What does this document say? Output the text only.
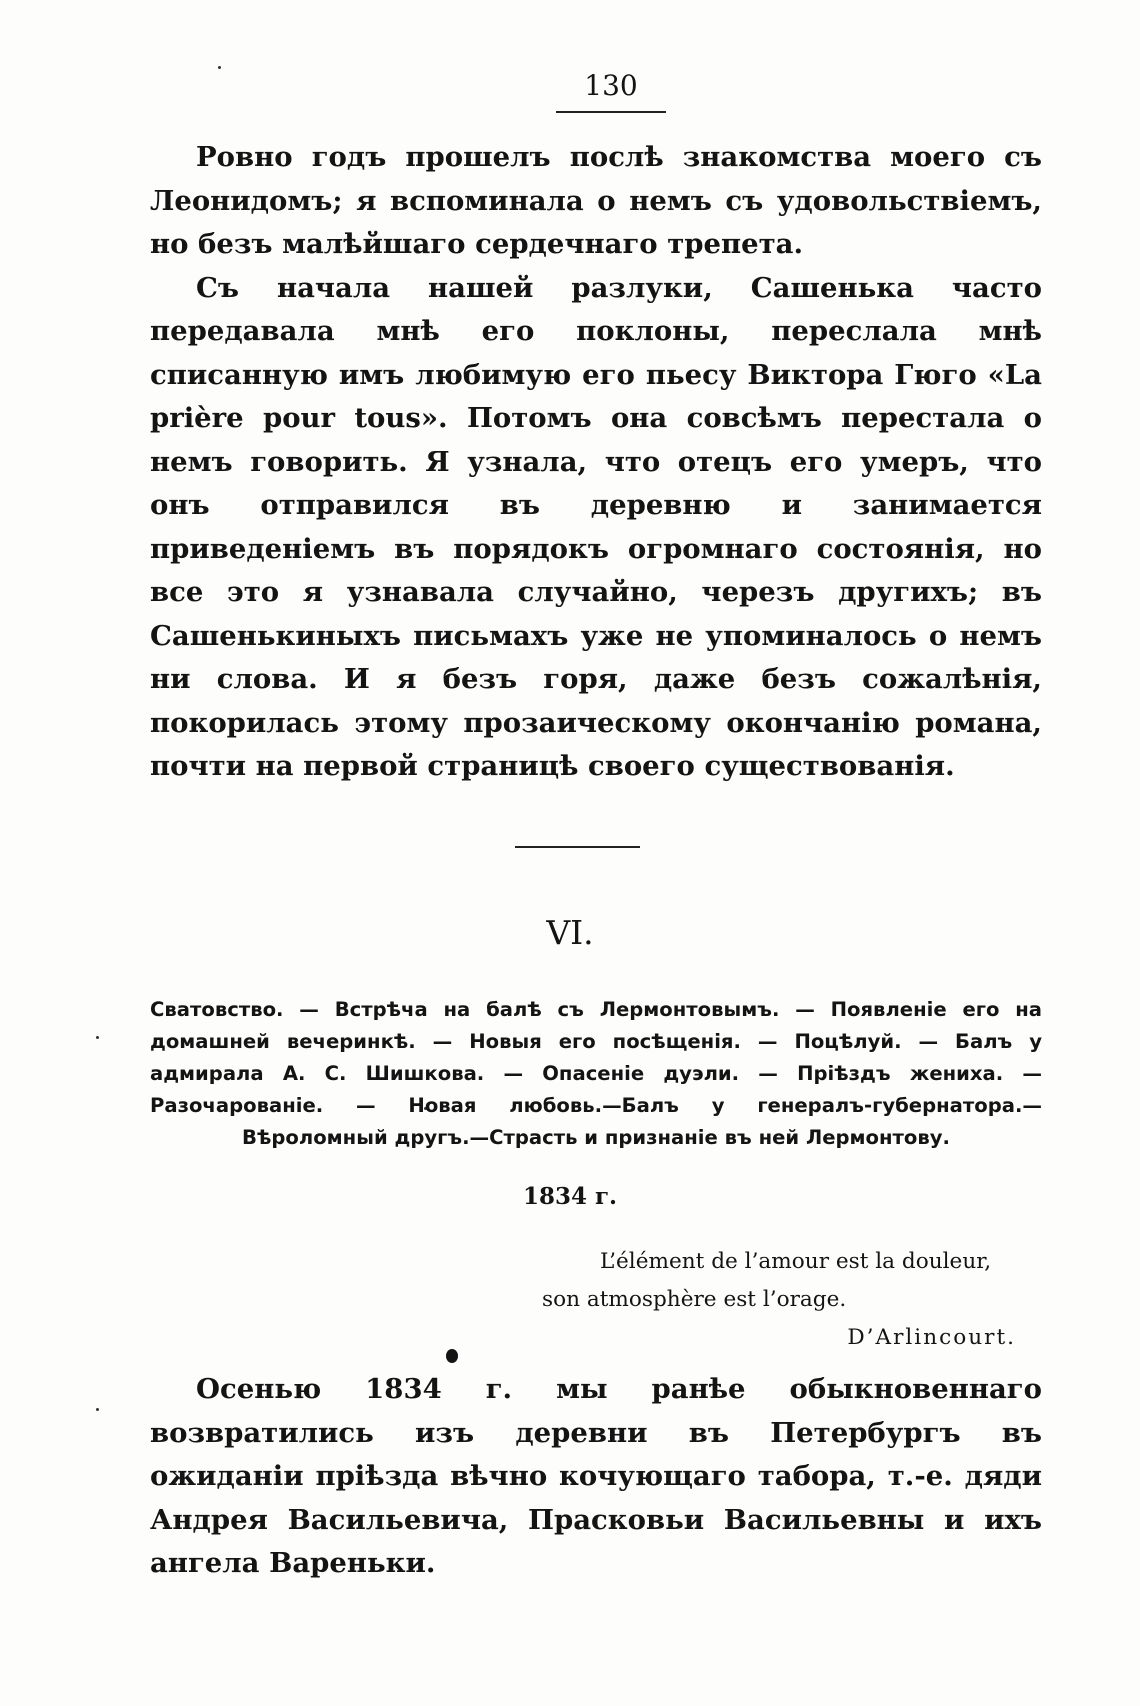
130

Ровно годъ прошелъ послѣ знакомства моего съ Леонидомъ; я вспоминала о немъ съ удовольствіемъ, но безъ малѣйшаго сердечнаго трепета.

Съ начала нашей разлуки, Сашенька часто передавала мнѣ его поклоны, переслала мнѣ списанную имъ любимую его пьесу Виктора Гюго «La prière pour tous». Потомъ она совсѣмъ перестала о немъ говорить. Я узнала, что отецъ его умеръ, что онъ отправился въ деревню и занимается приведеніемъ въ порядокъ огромнаго состоянія, но все это я узнавала случайно, черезъ другихъ; въ Сашенькиныхъ письмахъ уже не упоминалось о немъ ни слова. И я безъ горя, даже безъ сожалѣнія, покорилась этому прозаическому окончанію романа, почти на первой страницѣ своего существованія.

VI.

Сватовство. — Встрѣча на балѣ съ Лермонтовымъ. — Появленіе его на домашней вечеринкѣ. — Новыя его посѣщенія. — Поцѣлуй. — Балъ у адмирала А. С. Шишкова. — Опасеніе дуэли. — Пріѣздъ жениха. — Разочарованіе. — Новая любовь.—Балъ у генералъ-губернатора.—Вѣроломный другъ.—Страсть и признаніе въ ней Лермонтову.

1834 г.

L’élément de l’amour est la douleur, son atmosphère est l’orage.

D’Arlincourt.

Осенью 1834 г. мы ранѣе обыкновеннаго возвратились изъ деревни въ Петербургъ въ ожиданіи пріѣзда вѣчно кочующаго табора, т.-е. дяди Андрея Васильевича, Прасковьи Васильевны и ихъ ангела Вареньки.
